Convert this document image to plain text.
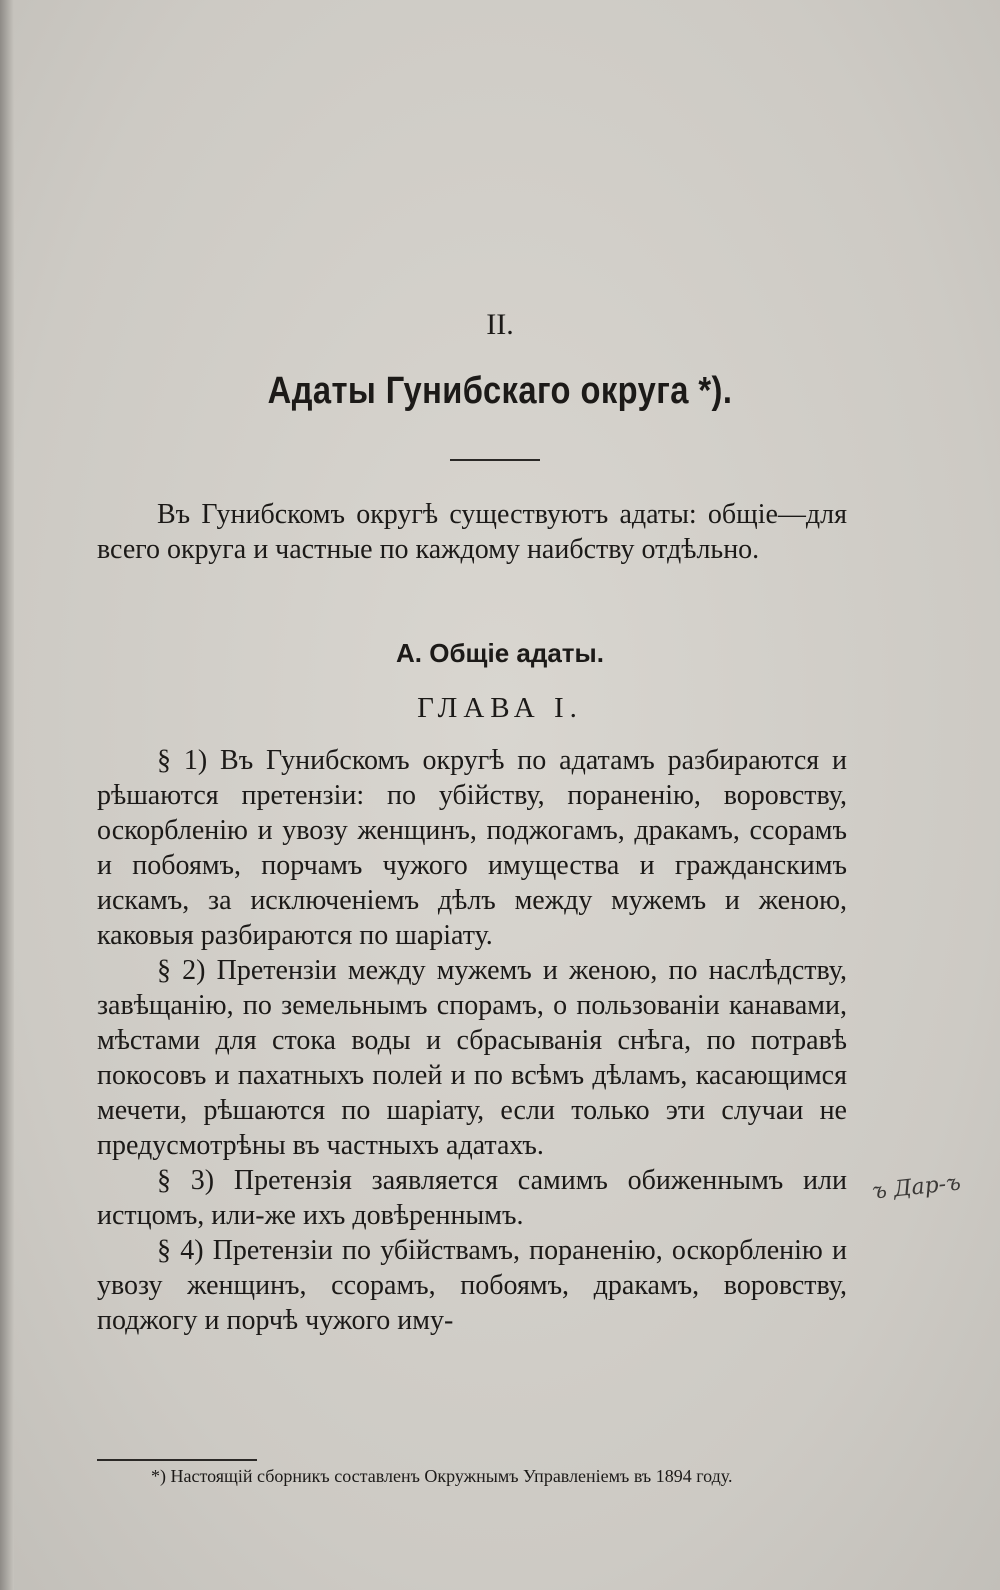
II.
Адаты Гунибскаго округа *).

Въ Гунибскомъ округѣ существуютъ адаты: общіе—для всего округа и частные по каждому наибству отдѣльно.

А. Общіе адаты.
ГЛАВА I.

§ 1) Въ Гунибскомъ округѣ по адатамъ разбираются и рѣшаются претензіи: по убійству, пораненію, воровству, оскорбленію и увозу женщинъ, поджогамъ, дракамъ, ссорамъ и побоямъ, порчамъ чужого имущества и гражданскимъ искамъ, за исключеніемъ дѣлъ между мужемъ и женою, каковыя разбираются по шаріату.

§ 2) Претензіи между мужемъ и женою, по наслѣдству, завѣщанію, по земельнымъ спорамъ, о пользованіи канавами, мѣстами для стока воды и сбрасыванія снѣга, по потравѣ покосовъ и пахатныхъ полей и по всѣмъ дѣламъ, касающимся мечети, рѣшаются по шаріату, если только эти случаи не предусмотрѣны въ частныхъ адатахъ.

§ 3) Претензія заявляется самимъ обиженнымъ или истцомъ, или-же ихъ довѣреннымъ.

§ 4) Претензіи по убійствамъ, пораненію, оскорбленію и увозу женщинъ, ссорамъ, побоямъ, дракамъ, воровству, поджогу и порчѣ чужого иму-

*) Настоящій сборникъ составленъ Окружнымъ Управленіемъ въ 1894 году.

ъ Дар-ъ
